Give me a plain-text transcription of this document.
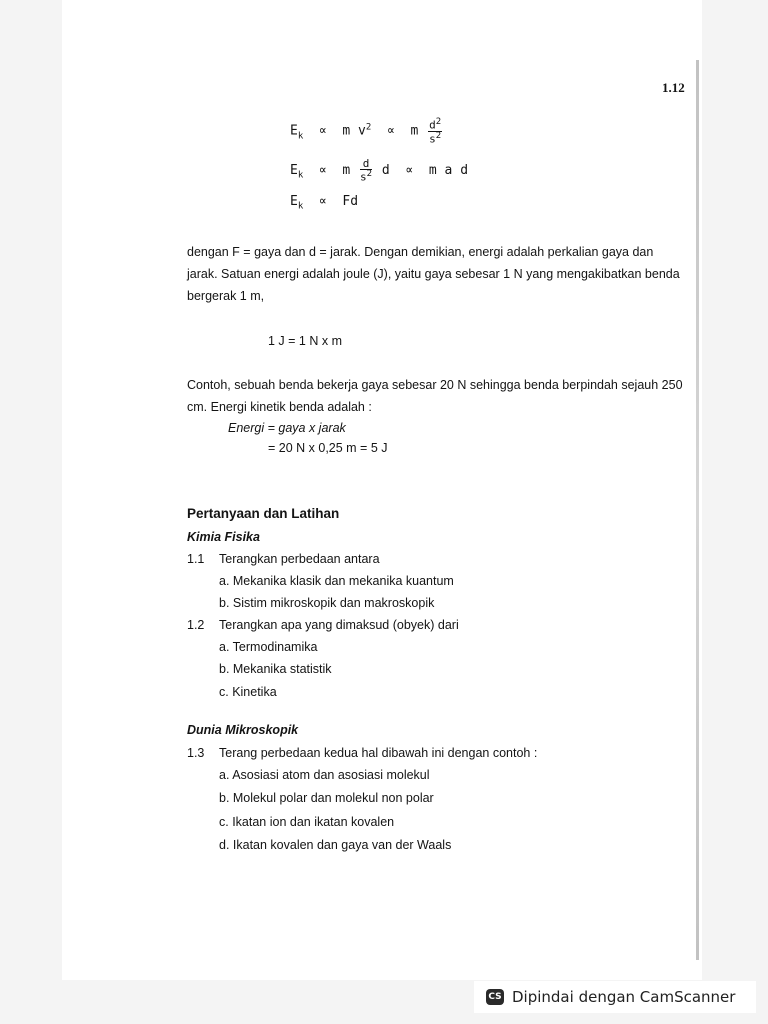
1.12
$E_k \propto m$ $v^2 \propto m \frac{d^2}{s^2}$
$E_k \propto m \frac{d}{s^2}$ d ∝ m a d
$E_k \propto Fd$
dengan F = gaya dan d = jarak. Dengan demikian, energi adalah perkalian gaya dan
jarak. Satuan energi adalah joule (J), yaitu gaya sebesar 1 N yang mengakibatkan benda
bergerak 1 m,
1 J = 1 N x m
Contoh, sebuah benda bekerja gaya sebesar 20 N sehingga benda berpindah sejauh 250
cm. Energi kinetik benda adalah :
Energi = gaya x jarak
= 20 N x 0,25 m = 5 J
Pertanyaan dan Latihan
Kimia Fisika
1.1 Terangkan perbedaan antara
a. Mekanika klasik dan mekanika kuantum
b. Sistim mikroskopik dan makroskopik
1.2 Terangkan apa yang dimaksud (obyek) dari
a. Termodinamika
b. Mekanika statistik
c. Kinetika
Dunia Mikroskopik
1.3 Terang perbedaan kedua hal dibawah ini dengan contoh :
a. Asosiasi atom dan asosiasi molekul
b. Molekul polar dan molekul non polar
c. Ikatan ion dan ikatan kovalen
d. Ikatan kovalen dan gaya van der Waals
CS Dipindai dengan CamScanner
